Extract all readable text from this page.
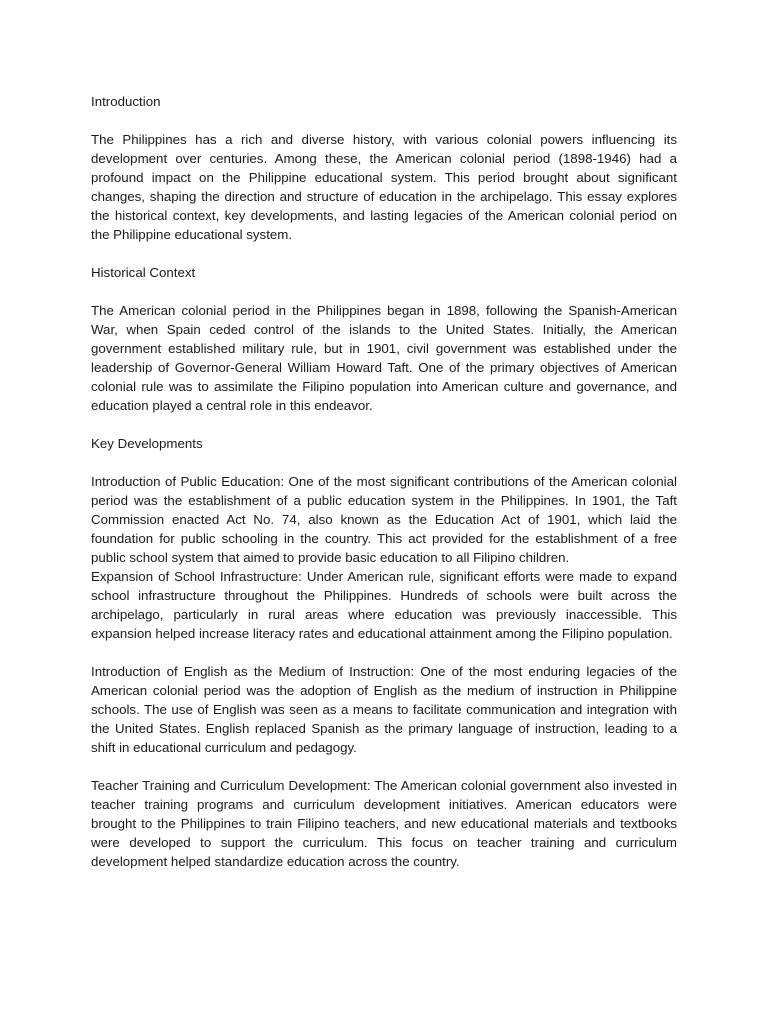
Introduction

The Philippines has a rich and diverse history, with various colonial powers influencing its development over centuries. Among these, the American colonial period (1898-1946) had a profound impact on the Philippine educational system. This period brought about significant changes, shaping the direction and structure of education in the archipelago. This essay explores the historical context, key developments, and lasting legacies of the American colonial period on the Philippine educational system.

Historical Context

The American colonial period in the Philippines began in 1898, following the Spanish-American War, when Spain ceded control of the islands to the United States. Initially, the American government established military rule, but in 1901, civil government was established under the leadership of Governor-General William Howard Taft. One of the primary objectives of American colonial rule was to assimilate the Filipino population into American culture and governance, and education played a central role in this endeavor.

Key Developments

Introduction of Public Education: One of the most significant contributions of the American colonial period was the establishment of a public education system in the Philippines. In 1901, the Taft Commission enacted Act No. 74, also known as the Education Act of 1901, which laid the foundation for public schooling in the country. This act provided for the establishment of a free public school system that aimed to provide basic education to all Filipino children.

Expansion of School Infrastructure: Under American rule, significant efforts were made to expand school infrastructure throughout the Philippines. Hundreds of schools were built across the archipelago, particularly in rural areas where education was previously inaccessible. This expansion helped increase literacy rates and educational attainment among the Filipino population.

Introduction of English as the Medium of Instruction: One of the most enduring legacies of the American colonial period was the adoption of English as the medium of instruction in Philippine schools. The use of English was seen as a means to facilitate communication and integration with the United States. English replaced Spanish as the primary language of instruction, leading to a shift in educational curriculum and pedagogy.

Teacher Training and Curriculum Development: The American colonial government also invested in teacher training programs and curriculum development initiatives. American educators were brought to the Philippines to train Filipino teachers, and new educational materials and textbooks were developed to support the curriculum. This focus on teacher training and curriculum development helped standardize education across the country.
